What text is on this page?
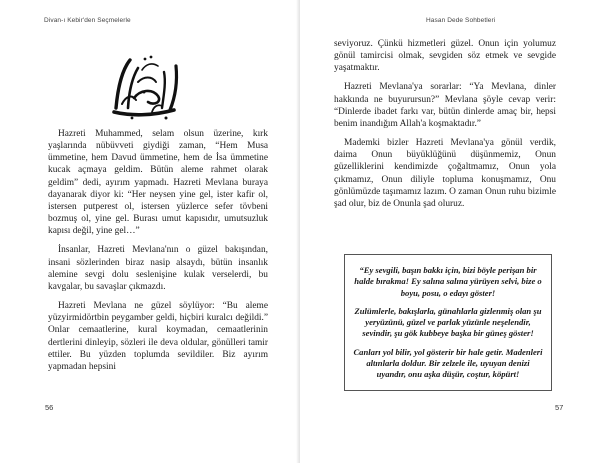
Divan-ı Kebir'den Seçmelerle

Hazreti Muhammed, selam olsun üzerine, kırk yaşlarında nübüvveti giydiği zaman, “Hem Musa ümmetine, hem Davud ümmetine, hem de İsa ümmetine kucak açmaya geldim. Bütün aleme rahmet olarak geldim” dedi, ayırım yapmadı. Hazreti Mevlana buraya dayanarak diyor ki: “Her neysen yine gel, ister kafir ol, istersen putperest ol, istersen yüzlerce sefer tövbeni bozmuş ol, yine gel. Burası umut kapısıdır, umutsuzluk kapısı değil, yine gel…”

İnsanlar, Hazreti Mevlana'nın o güzel bakışından, insani sözlerinden biraz nasip alsaydı, bütün insanlık alemine sevgi dolu seslenişine kulak verselerdi, bu kavgalar, bu savaşlar çıkmazdı.

Hazreti Mevlana ne güzel söylüyor: “Bu aleme yüzyirmidörtbin peygamber geldi, hiçbiri kuralcı değildi.” Onlar cemaatlerine, kural koymadan, cemaatlerinin dertlerini dinleyip, sözleri ile deva oldular, gönülleri tamir ettiler. Bu yüzden toplumda sevildiler. Biz ayırım yapmadan hepsini

56
Hasan Dede Sohbetleri

seviyoruz. Çünkü hizmetleri güzel. Onun için yolumuz gönül tamircisi olmak, sevgiden söz etmek ve sevgide yaşatmaktır.

Hazreti Mevlana'ya sorarlar: “Ya Mevlana, dinler hakkında ne buyurursun?” Mevlana şöyle cevap verir: “Dinlerde ibadet farkı var, bütün dinlerde amaç bir, hepsi benim inandığım Allah'a koşmaktadır.”

Mademki bizler Hazreti Mevlana'ya gönül verdik, daima Onun büyüklüğünü düşünmemiz, Onun güzelliklerini kendimizde çoğaltmamız, Onun yola çıkmamız, Onun diliyle topluma konuşmamız, Onu gönlümüzde taşımamız lazım. O zaman Onun ruhu bizimle şad olur, biz de Onunla şad oluruz.

“Ey sevgili, başın bakkı için, bizi böyle perişan bir halde bırakma! Ey salına salına yürüyen selvi, bize o boyu, posu, o edayı göster!
Zulümlerle, bakışlarla, günahlarla gizlenmiş olan şu yeryüzünü, güzel ve parlak yüzünle neşelendir, sevindir, şu gök kubbeye başka bir güneş göster!
Canları yol bilir, yol gösterir bir hale getir. Madenleri altınlarla doldur. Bir zelzele ile, uyuyan denizi uyandır, onu aşka düşür, coştur, köpürt!
57
